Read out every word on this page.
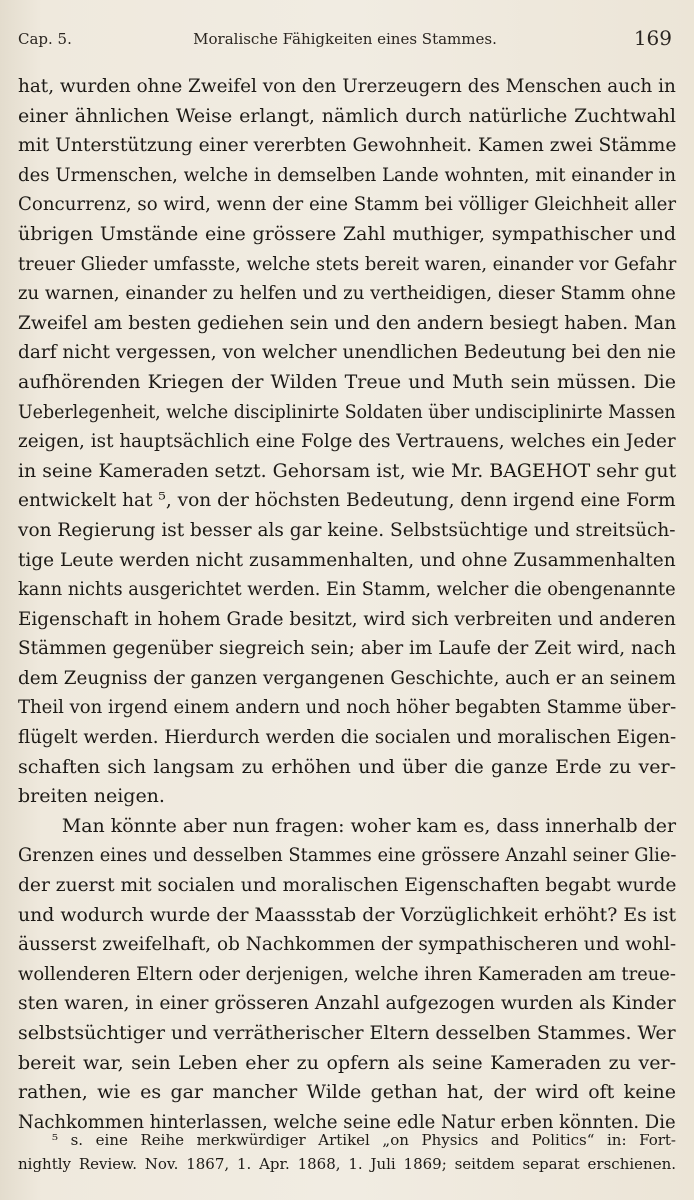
Cap. 5.	Moralische Fähigkeiten eines Stammes.	169
hat, wurden ohne Zweifel von den Urerzeugern des Menschen auch in
einer ähnlichen Weise erlangt, nämlich durch natürliche Zuchtwahl
mit Unterstützung einer vererbten Gewohnheit. Kamen zwei Stämme
des Urmenschen, welche in demselben Lande wohnten, mit einander in
Concurrenz, so wird, wenn der eine Stamm bei völliger Gleichheit aller
übrigen Umstände eine grössere Zahl muthiger, sympathischer und
treuer Glieder umfasste, welche stets bereit waren, einander vor Gefahr
zu warnen, einander zu helfen und zu vertheidigen, dieser Stamm ohne
Zweifel am besten gediehen sein und den andern besiegt haben. Man
darf nicht vergessen, von welcher unendlichen Bedeutung bei den nie
aufhörenden Kriegen der Wilden Treue und Muth sein müssen. Die
Ueberlegenheit, welche disciplinirte Soldaten über undisciplinirte Massen
zeigen, ist hauptsächlich eine Folge des Vertrauens, welches ein Jeder
in seine Kameraden setzt. Gehorsam ist, wie Mr. BAGEHOT sehr gut
entwickelt hat ⁵, von der höchsten Bedeutung, denn irgend eine Form
von Regierung ist besser als gar keine. Selbstsüchtige und streitsüch-
tige Leute werden nicht zusammenhalten, und ohne Zusammenhalten
kann nichts ausgerichtet werden. Ein Stamm, welcher die obengenannte
Eigenschaft in hohem Grade besitzt, wird sich verbreiten und anderen
Stämmen gegenüber siegreich sein; aber im Laufe der Zeit wird, nach
dem Zeugniss der ganzen vergangenen Geschichte, auch er an seinem
Theil von irgend einem andern und noch höher begabten Stamme über-
flügelt werden. Hierdurch werden die socialen und moralischen Eigen-
schaften sich langsam zu erhöhen und über die ganze Erde zu ver-
breiten neigen.
Man könnte aber nun fragen: woher kam es, dass innerhalb der
Grenzen eines und desselben Stammes eine grössere Anzahl seiner Glie-
der zuerst mit socialen und moralischen Eigenschaften begabt wurde
und wodurch wurde der Maassstab der Vorzüglichkeit erhöht? Es ist
äusserst zweifelhaft, ob Nachkommen der sympathischeren und wohl-
wollenderen Eltern oder derjenigen, welche ihren Kameraden am treue-
sten waren, in einer grösseren Anzahl aufgezogen wurden als Kinder
selbstsüchtiger und verrätherischer Eltern desselben Stammes. Wer
bereit war, sein Leben eher zu opfern als seine Kameraden zu ver-
rathen, wie es gar mancher Wilde gethan hat, der wird oft keine
Nachkommen hinterlassen, welche seine edle Natur erben könnten. Die
⁵ s. eine Reihe merkwürdiger Artikel „on Physics and Politics“ in: Fort-
nightly Review. Nov. 1867, 1. Apr. 1868, 1. Juli 1869; seitdem separat erschienen.
